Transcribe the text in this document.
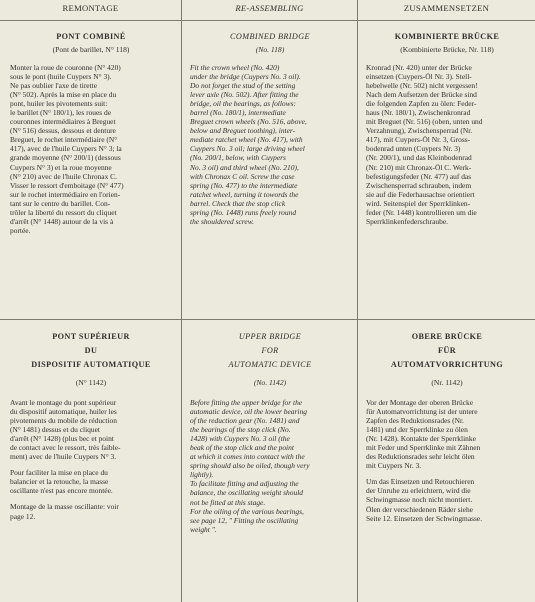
REMONTAGE	RE-ASSEMBLING	ZUSAMMENSETZEN
PONT COMBINÉ
(Pont de barillet, N° 118)
Monter la roue de couronne (N° 420)
sous le pont (huile Cuypers N° 3).
Ne pas oublier l'axe de tirette
(N° 502). Après la mise en place du
pont, huiler les pivotements suit:
le barillet (N° 180/1), les roues de
couronnes intermédiaires à Breguet
(N° 516) dessus, dessous et denture
Breguet, le rochet intermédiaire (N°
417), avec de l'huile Cuypers N° 3; la
grande moyenne (N° 200/1) (dessous
Cuypers N° 3) et la roue moyenne
(N° 210) avec de l'huile Chronax C.
Visser le ressort d'emboitage (N° 477)
sur le rochet intermédiaire en l'orien-
tant sur le centre du barillet. Con-
trôler la liberté du ressort du cliquet
d'arrêt (N° 1448) autour de la vis à
portée.
COMBINED BRIDGE
(No. 118)
Fit the crown wheel (No. 420)
under the bridge (Cuypers No. 3 oil).
Do not forget the stud of the setting
lever axle (No. 502). After fitting the
bridge, oil the bearings, as follows:
barrel (No. 180/1), intermediate
Breguet crown wheels (No. 516, above,
below and Breguet toothing), inter-
mediate ratchet wheel (No. 417), with
Cuypers No. 3 oil; large driving wheel
(No. 200/1, below, with Cuypers
No. 3 oil) and third wheel (No. 210),
with Chronax C oil. Screw the case
spring (No. 477) to the intermediate
ratchet wheel, turning it towords the
barrel. Check that the stop click
spring (No. 1448) runs freely round
the shouldered screw.
KOMBINIERTE BRÜCKE
(Kombinierte Brücke, Nr. 118)
Kronrad (Nr. 420) unter der Brücke
einsetzen (Cuypers-Öl Nr. 3). Stell-
hebelwelle (Nr. 502) nicht vergessen!
Nach dem Aufsetzen der Brücke sind
die folgenden Zapfen zu ölen: Feder-
haus (Nr. 180/1), Zwischenkronrad
mit Breguet (Nr. 516) (oben, unten und
Verzahnung), Zwischensperrad (Nr.
417), mit Cuypers-Öl Nr. 3, Gross-
bodenrad unten (Cuypers Nr. 3)
(Nr. 200/1), und das Kleinbodenrad
(Nr. 210) mit Chronax-Öl C. Werk-
befestigungsfeder (Nr. 477) auf das
Zwischensperrad schrauben, indem
sie auf die Federhausachse orientiert
wird. Seitenspiel der Sperrklinken-
feder (Nr. 1448) kontrollieren um die
Sperrklinkenfederschraube.
PONT SUPÉRIEUR
DU
DISPOSITIF AUTOMATIQUE
(N° 1142)
Avant le montage du pont supérieur
du dispositif automatique, huiler les
pivotements du mobile de réduction
(N° 1481) dessus et du cliquet
d'arrêt (N° 1428) (plus bec et point
de contact avec le ressort, très faible-
ment) avec de l'huile Cuypers N° 3.
Pour faciliter la mise en place du
balancier et la retouche, la masse
oscillante n'est pas encore montée.
Montage de la masse oscillante: voir
page 12.
UPPER BRIDGE
FOR
AUTOMATIC DEVICE
(No. 1142)
Before fitting the upper bridge for the
automatic device, oil the lower bearing
of the reduction gear (No. 1481) and
the bearings of the stop click (No.
1428) with Cuypers No. 3 oil (the
beak of the stop click and the point
at which it comes into contact with the
spring should also be oiled, though very
lightly).
To facilitate fitting and adjusting the
balance, the oscillating weight should
not be fitted at this stage.
For the oiling of the various bearings,
see page 12, " Fitting the oscillating
weight ".
OBERE BRÜCKE
FÜR
AUTOMATVORRICHTUNG
(Nr. 1142)
Vor der Montage der oberen Brücke
für Automatvorrichtung ist der untere
Zapfen des Reduktionsrades (Nr.
1481) und der Sperrklinke zu ölen
(Nr. 1428). Kontakte der Sperrklinke
mit Feder und Sperrklinke mit Zähnen
des Reduktionsrades sehr leicht ölen
mit Cuypers Nr. 3.
Um das Einsetzen und Retouchieren
der Unruhe zu erleichtern, wird die
Schwingmasse noch nicht montiert.
Ölen der verschiedenen Räder siehe
Seite 12. Einsetzen der Schwingmasse.
